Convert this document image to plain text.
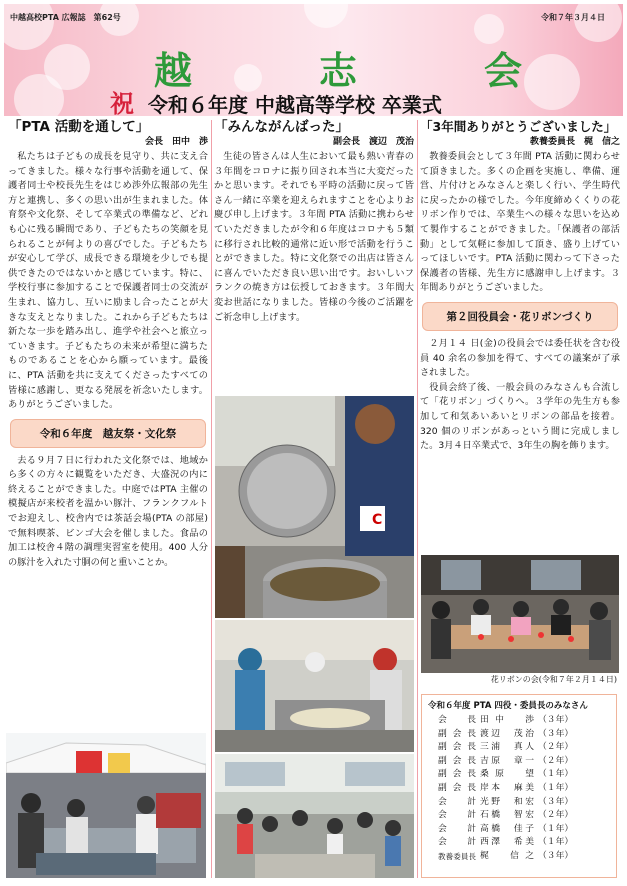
中越高校PTA 広報誌　第62号	令和７年３月４日
越	志	会
祝 令和６年度 中越高等学校 卒業式
「PTA 活動を通して」
会長　田中　渉

私たちは子どもの成長を見守り、共に支え合ってきました。様々な行事や活動を通して、保護者同士や校長先生をはじめ渉外広報部の先生方と連携し、多くの思い出が生まれました。体育祭や文化祭、そして卒業式の準備など、どれも心に残る瞬間であり、子どもたちの笑顔を見られることが何よりの喜びでした。子どもたちが安心して学び、成長できる環境を少しでも提供できたのではないかと感じています。特に、学校行事に参加することで保護者同士の交流が生まれ、協力し、互いに励まし合ったことが大きな支えとなりました。これから子どもたちは新たな一歩を踏み出し、進学や社会へと旅立っていきます。子どもたちの未来が希望に満ちたものであることを心から願っています。最後に、PTA 活動を共に支えてくださったすべての皆様に感謝し、更なる発展を祈念いたします。ありがとうございました。

令和６年度　越友祭・文化祭

去る９月７日に行われた文化祭では、地域から多くの方々に観覧をいただき、大盛況の内に終えることができました。中庭ではPTA 主催の模擬店が来校者を温かい豚汁、フランクフルトでお迎えし、校舎内では茶話会場(PTA の部屋)で無料喫茶、ビンゴ大会を催しました。食品の加工は校舎４階の調理実習室を使用。400 人分の豚汁を入れた寸胴の何と重いことか。

「みんながんばった」
副会長　渡辺　茂治

生徒の皆さんは人生において最も熱い青春の３年間をコロナに振り回され本当に大変だったかと思います。それでも平時の活動に戻って皆さん一緒に卒業を迎えられますことを心よりお慶び申し上げます。３年間 PTA 活動に携わらせていただきましたが令和６年度はコロナも５類に移行され比較的通常に近い形で活動を行うことができました。特に文化祭での出店は皆さんに喜んでいただき良い思い出です。おいしいフランクの焼き方は伝授しておきます。３年間大変お世話になりました。皆様の今後のご活躍をご祈念申し上げます。

C
「3年間ありがとうございました」
教養委員長　梶　信之

教養委員会として３年間 PTA 活動に関わらせて頂きました。多くの企画を実施し、準備、運営、片付けとみなさんと楽しく行い、学生時代に戻ったかの様でした。今年度締めくくりの花リボン作りでは、卒業生への様々な思いを込めて製作することができました。「保護者の部活動」として気軽に参加して頂き、盛り上げていってほしいです。PTA 活動に関わって下さった保護者の皆様、先生方に感謝申し上げます。３年間ありがとうございました。

第２回役員会・花リボンづくり

２月１４ 日(金)の役員会では委任状を含む役員 40 余名の参加を得て、すべての議案が了承されました。

役員会終了後、一般会員のみなさんも合流して「花リボン」づくりへ。３学年の先生方も参加して和気あいあいとリボンの部品を接着。320 個のリボンがあっという間に完成しました。3月４日卒業式で、3年生の胸を飾ります。

花リボンの会(令和７年２月１４日)
令和６年度 PTA 四役・委員長のみなさん
会長	田中　渉	（３年）
副会長	渡辺　茂治	（３年）
副会長	三浦　真人	（２年）
副会長	吉原　章一	（２年）
副会長	桑原　望	（１年）
副会長	岸本　麻美	（１年）
会計	光野　和宏	（３年）
会計	石橋　智宏	（２年）
会計	高橋　佳子	（１年）
会計	西澤　希美	（１年）
教養委員長	梶　信之	（３年）
